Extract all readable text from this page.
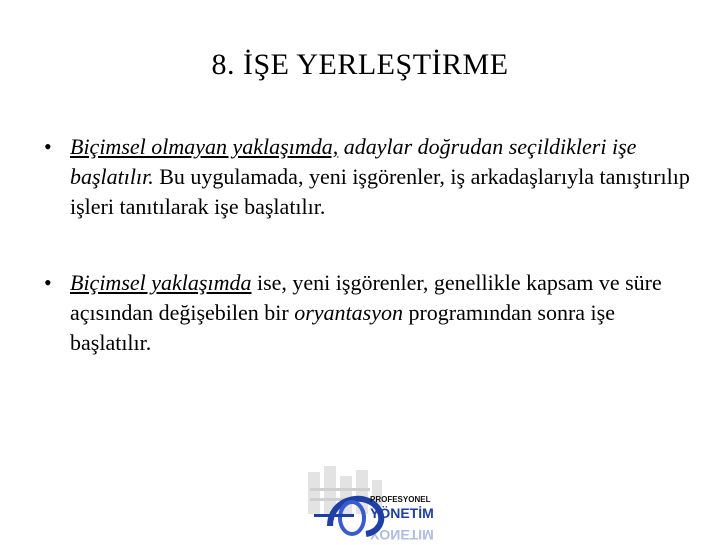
8. İŞE YERLEŞTİRME
• Biçimsel olmayan yaklaşımda, adaylar doğrudan seçildikleri işe başlatılır. Bu uygulamada, yeni işgörenler, iş arkadaşlarıyla tanıştırılıp işleri tanıtılarak işe başlatılır.
• Biçimsel yaklaşımda ise, yeni işgörenler, genellikle kapsam ve süre açısından değişebilen bir oryantasyon programından sonra işe başlatılır.
PROFESYONEL
YÖNETİM
YÖNETİM
